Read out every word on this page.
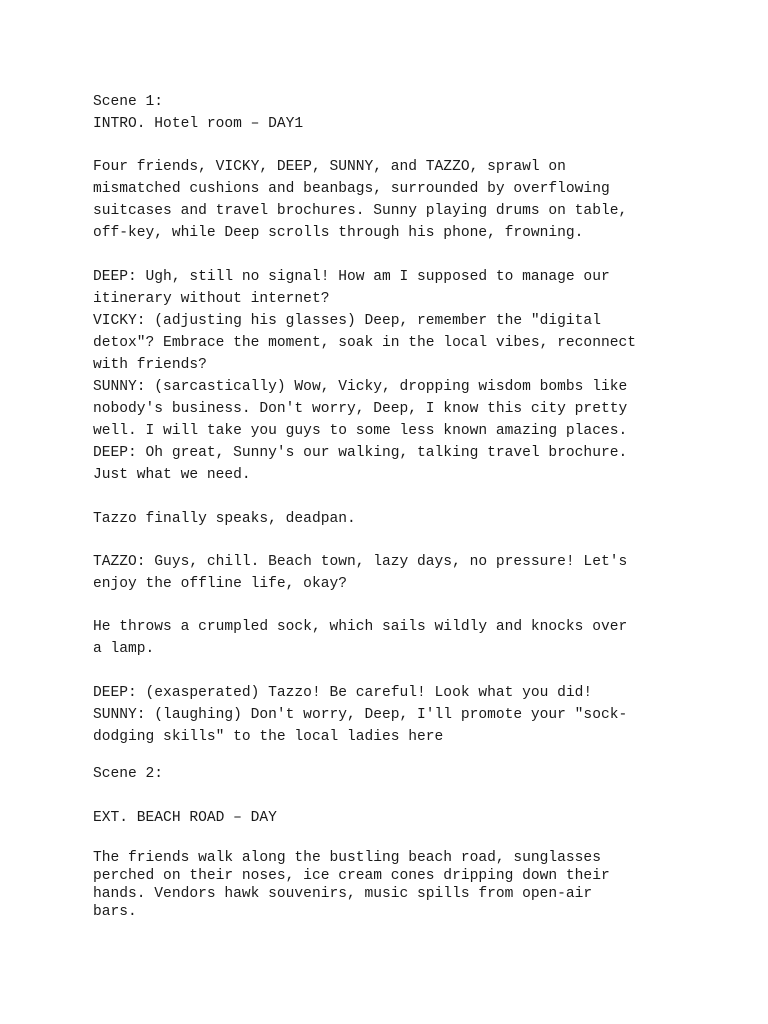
Scene 1:
INTRO. Hotel room – DAY1
Four friends, VICKY, DEEP, SUNNY, and TAZZO, sprawl on
mismatched cushions and beanbags, surrounded by overflowing
suitcases and travel brochures. Sunny playing drums on table,
off-key, while Deep scrolls through his phone, frowning.
DEEP: Ugh, still no signal! How am I supposed to manage our
itinerary without internet?
VICKY: (adjusting his glasses) Deep, remember the "digital
detox"? Embrace the moment, soak in the local vibes, reconnect
with friends?
SUNNY: (sarcastically) Wow, Vicky, dropping wisdom bombs like
nobody's business. Don't worry, Deep, I know this city pretty
well. I will take you guys to some less known amazing places.
DEEP: Oh great, Sunny's our walking, talking travel brochure.
Just what we need.
Tazzo finally speaks, deadpan.
TAZZO: Guys, chill. Beach town, lazy days, no pressure! Let's
enjoy the offline life, okay?
He throws a crumpled sock, which sails wildly and knocks over
a lamp.
DEEP: (exasperated) Tazzo! Be careful! Look what you did!
SUNNY: (laughing) Don't worry, Deep, I'll promote your "sock-
dodging skills" to the local ladies here
Scene 2:
EXT. BEACH ROAD – DAY
The friends walk along the bustling beach road, sunglasses
perched on their noses, ice cream cones dripping down their
hands. Vendors hawk souvenirs, music spills from open-air
bars.
